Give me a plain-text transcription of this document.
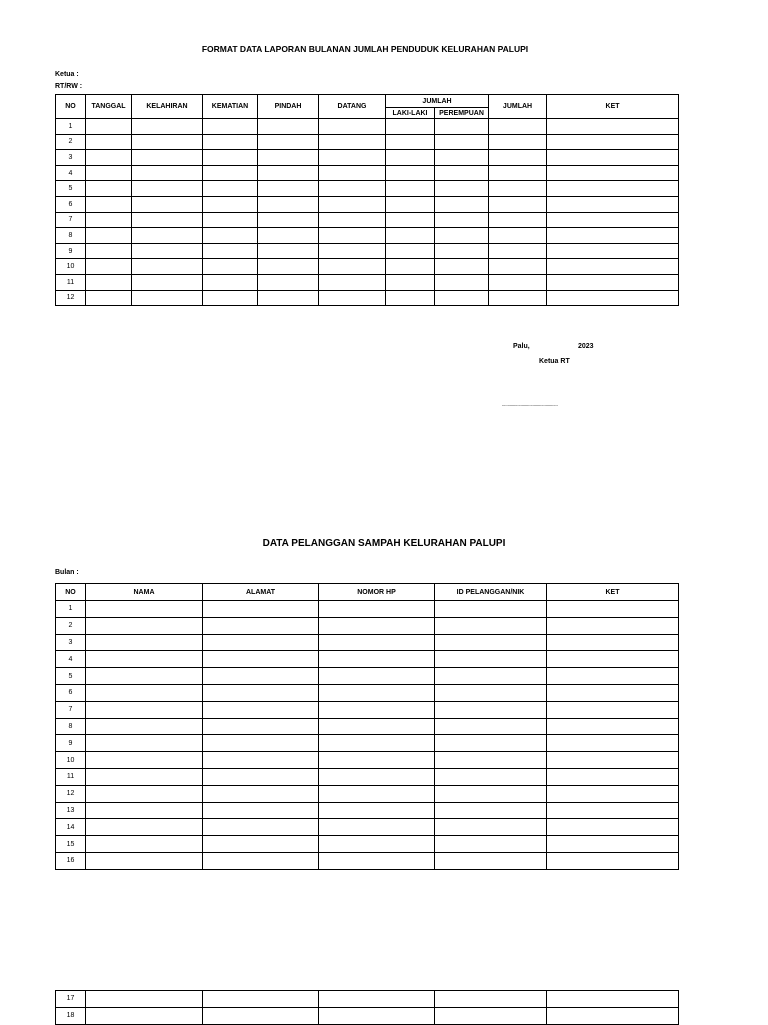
FORMAT DATA LAPORAN BULANAN JUMLAH PENDUDUK KELURAHAN PALUPI
Ketua :
RT/RW :
NO	TANGGAL	KELAHIRAN	KEMATIAN	PINDAH	DATANG	JUMLAH		JUMLAH	KET
						LAKI-LAKI	PEREMPUAN		
1									
2									
3									
4									
5									
6									
7									
8									
9									
10									
11									
12									
Palu,	2023
Ketua RT
...................................................
DATA PELANGGAN SAMPAH KELURAHAN PALUPI
Bulan :
NO	NAMA	ALAMAT	NOMOR HP	ID PELANGGAN/NIK	KET
1					
2					
3					
4					
5					
6					
7					
8					
9					
10					
11					
12					
13					
14					
15					
16					
17					
18					
